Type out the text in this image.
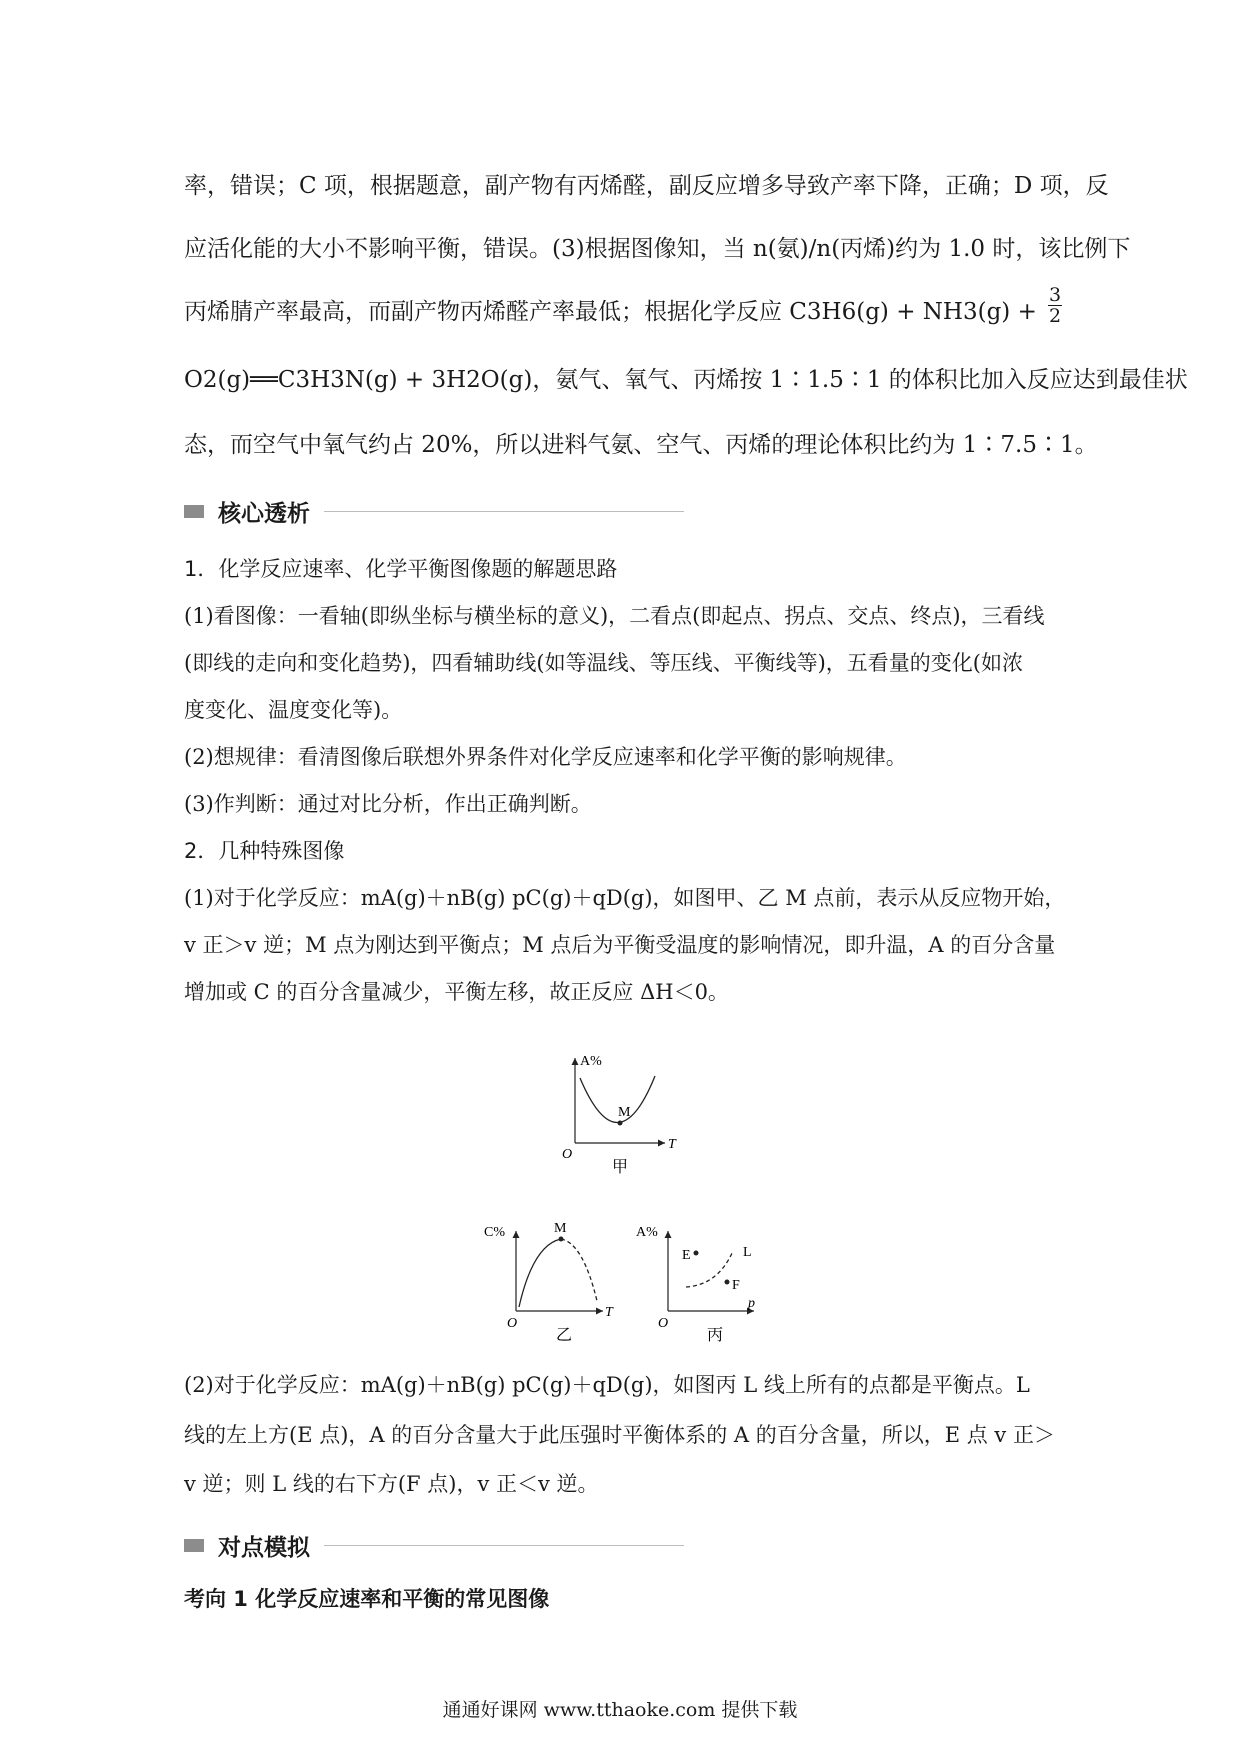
率，错误；C 项，根据题意，副产物有丙烯醛，副反应增多导致产率下降，正确；D 项，反
应活化能的大小不影响平衡，错误。(3)根据图像知，当 n(氨)/n(丙烯)约为 1.0 时，该比例下
丙烯腈产率最高，而副产物丙烯醛产率最低；根据化学反应 $C3H6(g) + NH3(g) + \frac{3}{2}$
O2(g)══C3H3N(g) + 3H2O(g)，氨气、氧气、丙烯按 1∶1.5∶1 的体积比加入反应达到最佳状
态，而空气中氧气约占 20%，所以进料气氨、空气、丙烯的理论体积比约为 1∶7.5∶1。
核心透析
1．化学反应速率、化学平衡图像题的解题思路
(1)看图像：一看轴(即纵坐标与横坐标的意义)，二看点(即起点、拐点、交点、终点)，三看线
(即线的走向和变化趋势)，四看辅助线(如等温线、等压线、平衡线等)，五看量的变化(如浓
度变化、温度变化等)。
(2)想规律：看清图像后联想外界条件对化学反应速率和化学平衡的影响规律。
(3)作判断：通过对比分析，作出正确判断。
2．几种特殊图像
(1)对于化学反应：mA(g)＋nB(g) pC(g)＋qD(g)，如图甲、乙 M 点前，表示从反应物开始，
v 正＞v 逆；M 点为刚达到平衡点；M 点后为平衡受温度的影响情况，即升温，A 的百分含量
增加或 C 的百分含量减少，平衡左移，故正反应 ΔH＜0。
A%
T
O
M
甲
C%
T
O
M
乙
A%
p
O
E
F
L
丙
(2)对于化学反应：mA(g)＋nB(g) pC(g)＋qD(g)，如图丙 L 线上所有的点都是平衡点。L
线的左上方(E 点)，A 的百分含量大于此压强时平衡体系的 A 的百分含量，所以，E 点 v 正＞
v 逆；则 L 线的右下方(F 点)，v 正＜v 逆。
对点模拟
考向 1 化学反应速率和平衡的常见图像
通通好课网 www.tthaoke.com 提供下载
